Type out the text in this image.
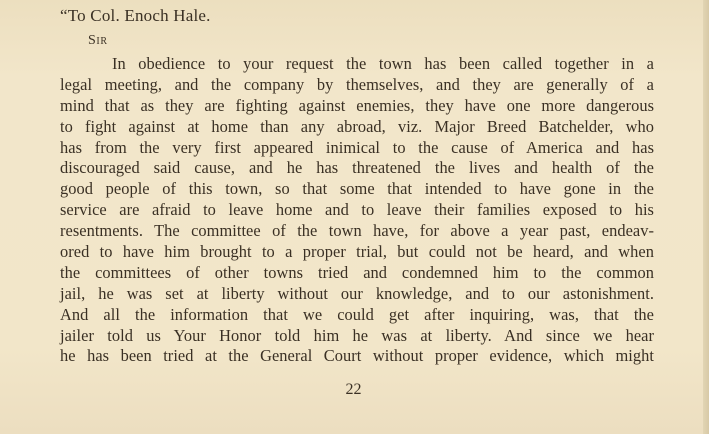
“To Col. Enoch Hale.
Sir
In obedience to your request the town has been called together in a
legal meeting, and the company by themselves, and they are generally of a
mind that as they are fighting against enemies, they have one more dangerous
to fight against at home than any abroad, viz. Major Breed Batchelder, who
has from the very first appeared inimical to the cause of America and has
discouraged said cause, and he has threatened the lives and health of the
good people of this town, so that some that intended to have gone in the
service are afraid to leave home and to leave their families exposed to his
resentments. The committee of the town have, for above a year past, endeav-
ored to have him brought to a proper trial, but could not be heard, and when
the committees of other towns tried and condemned him to the common
jail, he was set at liberty without our knowledge, and to our astonishment.
And all the information that we could get after inquiring, was, that the
jailer told us Your Honor told him he was at liberty. And since we hear
he has been tried at the General Court without proper evidence, which might
22
